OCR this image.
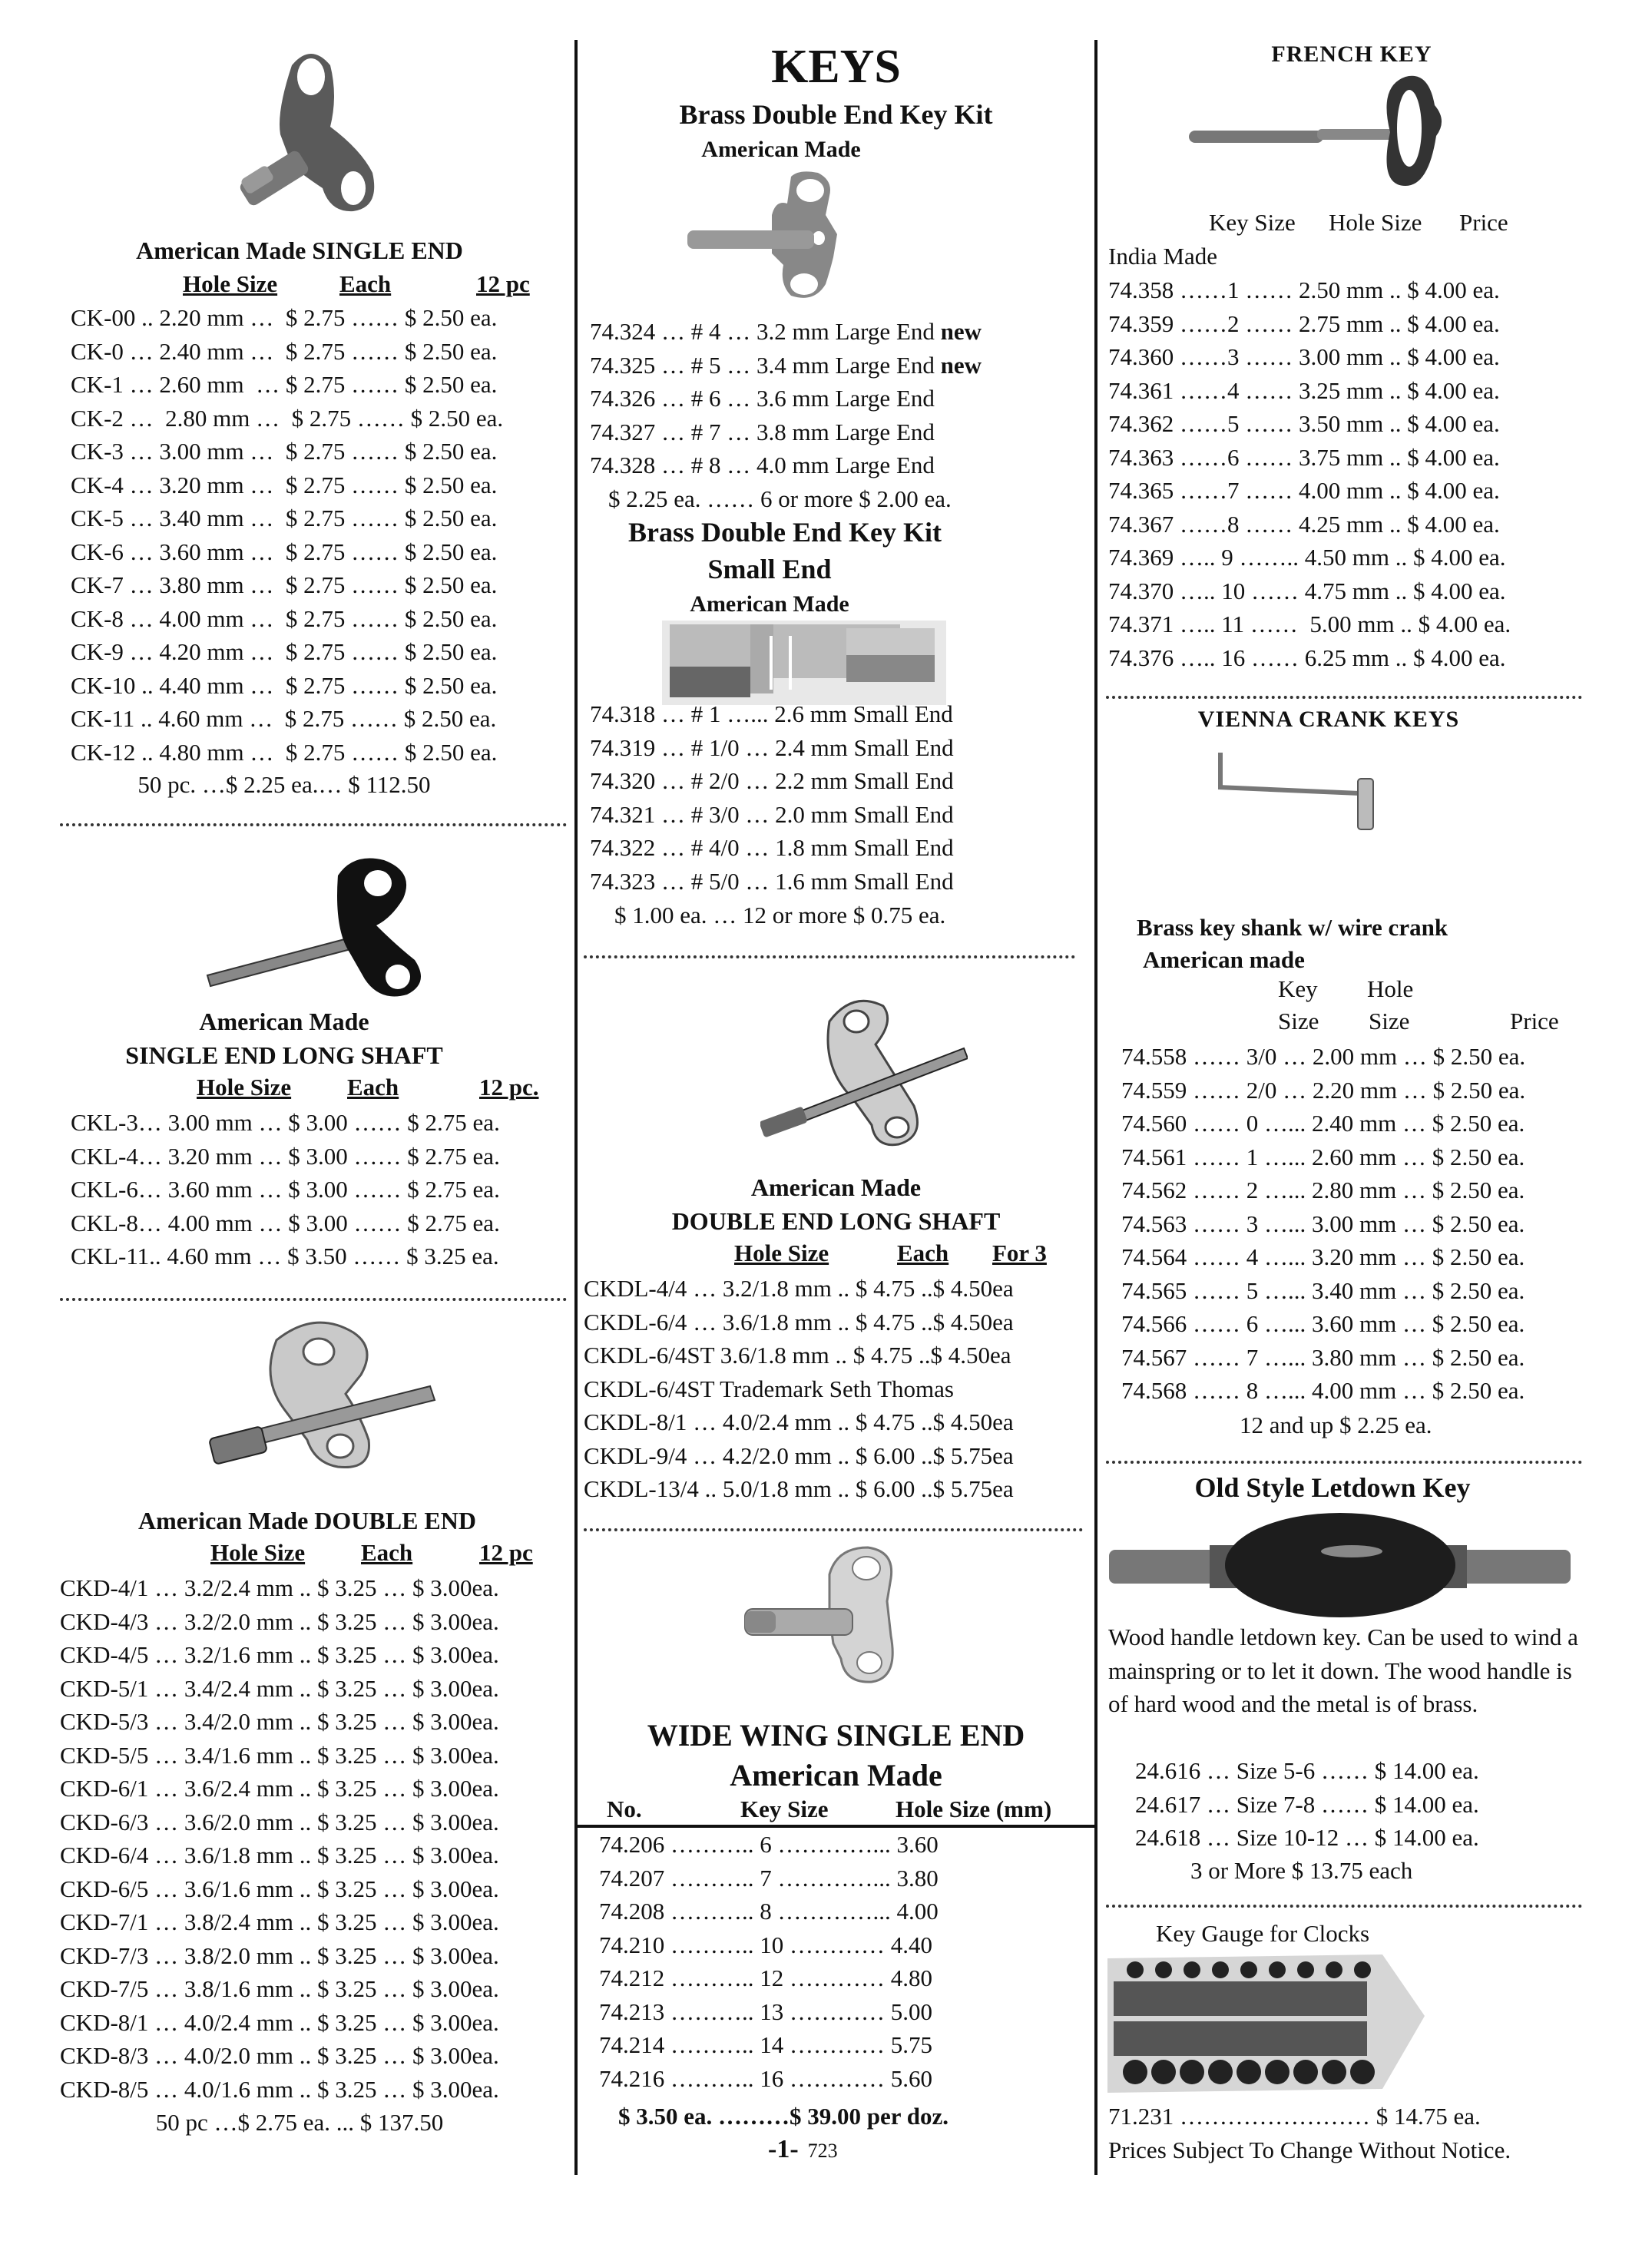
American Made SINGLE END
Hole Size	Each	12 pc
CK-00 .. 2.20 mm …  $ 2.75 …… $ 2.50 ea.
CK-0 … 2.40 mm …  $ 2.75 …… $ 2.50 ea.
CK-1 … 2.60 mm  … $ 2.75 …… $ 2.50 ea.
CK-2 …  2.80 mm …  $ 2.75 …… $ 2.50 ea.
CK-3 … 3.00 mm …  $ 2.75 …… $ 2.50 ea.
CK-4 … 3.20 mm …  $ 2.75 …… $ 2.50 ea.
CK-5 … 3.40 mm …  $ 2.75 …… $ 2.50 ea.
CK-6 … 3.60 mm …  $ 2.75 …… $ 2.50 ea.
CK-7 … 3.80 mm …  $ 2.75 …… $ 2.50 ea.
CK-8 … 4.00 mm …  $ 2.75 …… $ 2.50 ea.
CK-9 … 4.20 mm …  $ 2.75 …… $ 2.50 ea.
CK-10 .. 4.40 mm …  $ 2.75 …… $ 2.50 ea.
CK-11 .. 4.60 mm …  $ 2.75 …… $ 2.50 ea.
CK-12 .. 4.80 mm …  $ 2.75 …… $ 2.50 ea.
50 pc. …$ 2.25 ea.… $ 112.50
American Made
SINGLE END LONG SHAFT
Hole Size Each	12 pc.
CKL-3… 3.00 mm … $ 3.00 …… $ 2.75 ea.
CKL-4… 3.20 mm … $ 3.00 …… $ 2.75 ea.
CKL-6… 3.60 mm … $ 3.00 …… $ 2.75 ea.
CKL-8… 4.00 mm … $ 3.00 …… $ 2.75 ea.
CKL-11.. 4.60 mm … $ 3.50 …… $ 3.25 ea.
American Made DOUBLE END
Hole Size Each	12 pc
CKD-4/1 … 3.2/2.4 mm .. $ 3.25 … $ 3.00ea.
CKD-4/3 … 3.2/2.0 mm .. $ 3.25 … $ 3.00ea.
CKD-4/5 … 3.2/1.6 mm .. $ 3.25 … $ 3.00ea.
CKD-5/1 … 3.4/2.4 mm .. $ 3.25 … $ 3.00ea.
CKD-5/3 … 3.4/2.0 mm .. $ 3.25 … $ 3.00ea.
CKD-5/5 … 3.4/1.6 mm .. $ 3.25 … $ 3.00ea.
CKD-6/1 … 3.6/2.4 mm .. $ 3.25 … $ 3.00ea.
CKD-6/3 … 3.6/2.0 mm .. $ 3.25 … $ 3.00ea.
CKD-6/4 … 3.6/1.8 mm .. $ 3.25 … $ 3.00ea.
CKD-6/5 … 3.6/1.6 mm .. $ 3.25 … $ 3.00ea.
CKD-7/1 … 3.8/2.4 mm .. $ 3.25 … $ 3.00ea.
CKD-7/3 … 3.8/2.0 mm .. $ 3.25 … $ 3.00ea.
CKD-7/5 … 3.8/1.6 mm .. $ 3.25 … $ 3.00ea.
CKD-8/1 … 4.0/2.4 mm .. $ 3.25 … $ 3.00ea.
CKD-8/3 … 4.0/2.0 mm .. $ 3.25 … $ 3.00ea.
CKD-8/5 … 4.0/1.6 mm .. $ 3.25 … $ 3.00ea.
50 pc …$ 2.75 ea. ... $ 137.50
KEYS
Brass Double End Key Kit
American Made
74.324 … # 4 … 3.2 mm Large End new
74.325 … # 5 … 3.4 mm Large End new
74.326 … # 6 … 3.6 mm Large End
74.327 … # 7 … 3.8 mm Large End
74.328 … # 8 … 4.0 mm Large End
$ 2.25 ea. …… 6 or more $ 2.00 ea.
Brass Double End Key Kit
Small End
American Made
74.318 … # 1 …... 2.6 mm Small End
74.319 … # 1/0 … 2.4 mm Small End
74.320 … # 2/0 … 2.2 mm Small End
74.321 … # 3/0 … 2.0 mm Small End
74.322 … # 4/0 … 1.8 mm Small End
74.323 … # 5/0 … 1.6 mm Small End
$ 1.00 ea. … 12 or more $ 0.75 ea.
American Made
DOUBLE END LONG SHAFT
Hole Size	Each For 3
CKDL-4/4 … 3.2/1.8 mm .. $ 4.75 ..$ 4.50ea
CKDL-6/4 … 3.6/1.8 mm .. $ 4.75 ..$ 4.50ea
CKDL-6/4ST 3.6/1.8 mm .. $ 4.75 ..$ 4.50ea
CKDL-6/4ST Trademark Seth Thomas
CKDL-8/1 … 4.0/2.4 mm .. $ 4.75 ..$ 4.50ea
CKDL-9/4 … 4.2/2.0 mm .. $ 6.00 ..$ 5.75ea
CKDL-13/4 .. 5.0/1.8 mm .. $ 6.00 ..$ 5.75ea
WIDE WING SINGLE END
American Made
No.	Key Size	Hole Size (mm)
74.206 ……….. 6 …………... 3.60
74.207 ……….. 7 …………... 3.80
74.208 ……….. 8 …………... 4.00
74.210 ……….. 10 ………… 4.40
74.212 ……….. 12 ………… 4.80
74.213 ……….. 13 ………… 5.00
74.214 ……….. 14 ………… 5.75
74.216 ……….. 16 ………… 5.60
$ 3.50 ea. ………$ 39.00 per doz.
-1- 723
FRENCH KEY
Key Size Hole Size Price
India Made
74.358 ……1 …… 2.50 mm .. $ 4.00 ea.
74.359 ……2 …… 2.75 mm .. $ 4.00 ea.
74.360 ……3 …… 3.00 mm .. $ 4.00 ea.
74.361 ……4 …… 3.25 mm .. $ 4.00 ea.
74.362 ……5 …… 3.50 mm .. $ 4.00 ea.
74.363 ……6 …… 3.75 mm .. $ 4.00 ea.
74.365 ……7 …… 4.00 mm .. $ 4.00 ea.
74.367 ……8 …… 4.25 mm .. $ 4.00 ea.
74.369 ….. 9 …….. 4.50 mm .. $ 4.00 ea.
74.370 ….. 10 …… 4.75 mm .. $ 4.00 ea.
74.371 ….. 11 ……  5.00 mm .. $ 4.00 ea.
74.376 ….. 16 …… 6.25 mm .. $ 4.00 ea.
VIENNA CRANK KEYS
Brass key shank w/ wire crank
American made
Key Hole
Size Size	Price
74.558 …… 3/0 … 2.00 mm … $ 2.50 ea.
74.559 …… 2/0 … 2.20 mm … $ 2.50 ea.
74.560 …… 0 …... 2.40 mm … $ 2.50 ea.
74.561 …… 1 …... 2.60 mm … $ 2.50 ea.
74.562 …… 2 …... 2.80 mm … $ 2.50 ea.
74.563 …… 3 …... 3.00 mm … $ 2.50 ea.
74.564 …… 4 …... 3.20 mm … $ 2.50 ea.
74.565 …… 5 …... 3.40 mm … $ 2.50 ea.
74.566 …… 6 …... 3.60 mm … $ 2.50 ea.
74.567 …… 7 …... 3.80 mm … $ 2.50 ea.
74.568 …… 8 …... 4.00 mm … $ 2.50 ea.
12 and up $ 2.25 ea.
Old Style Letdown Key
Wood handle letdown key. Can be used to wind a mainspring or to let it down. The wood handle is of hard wood and the metal is of brass.
24.616 … Size 5-6 …… $ 14.00 ea.
24.617 … Size 7-8 …… $ 14.00 ea.
24.618 … Size 10-12 … $ 14.00 ea.
3 or More $ 13.75 each
Key Gauge for Clocks
71.231 …………………… $ 14.75 ea.
Prices Subject To Change Without Notice.
